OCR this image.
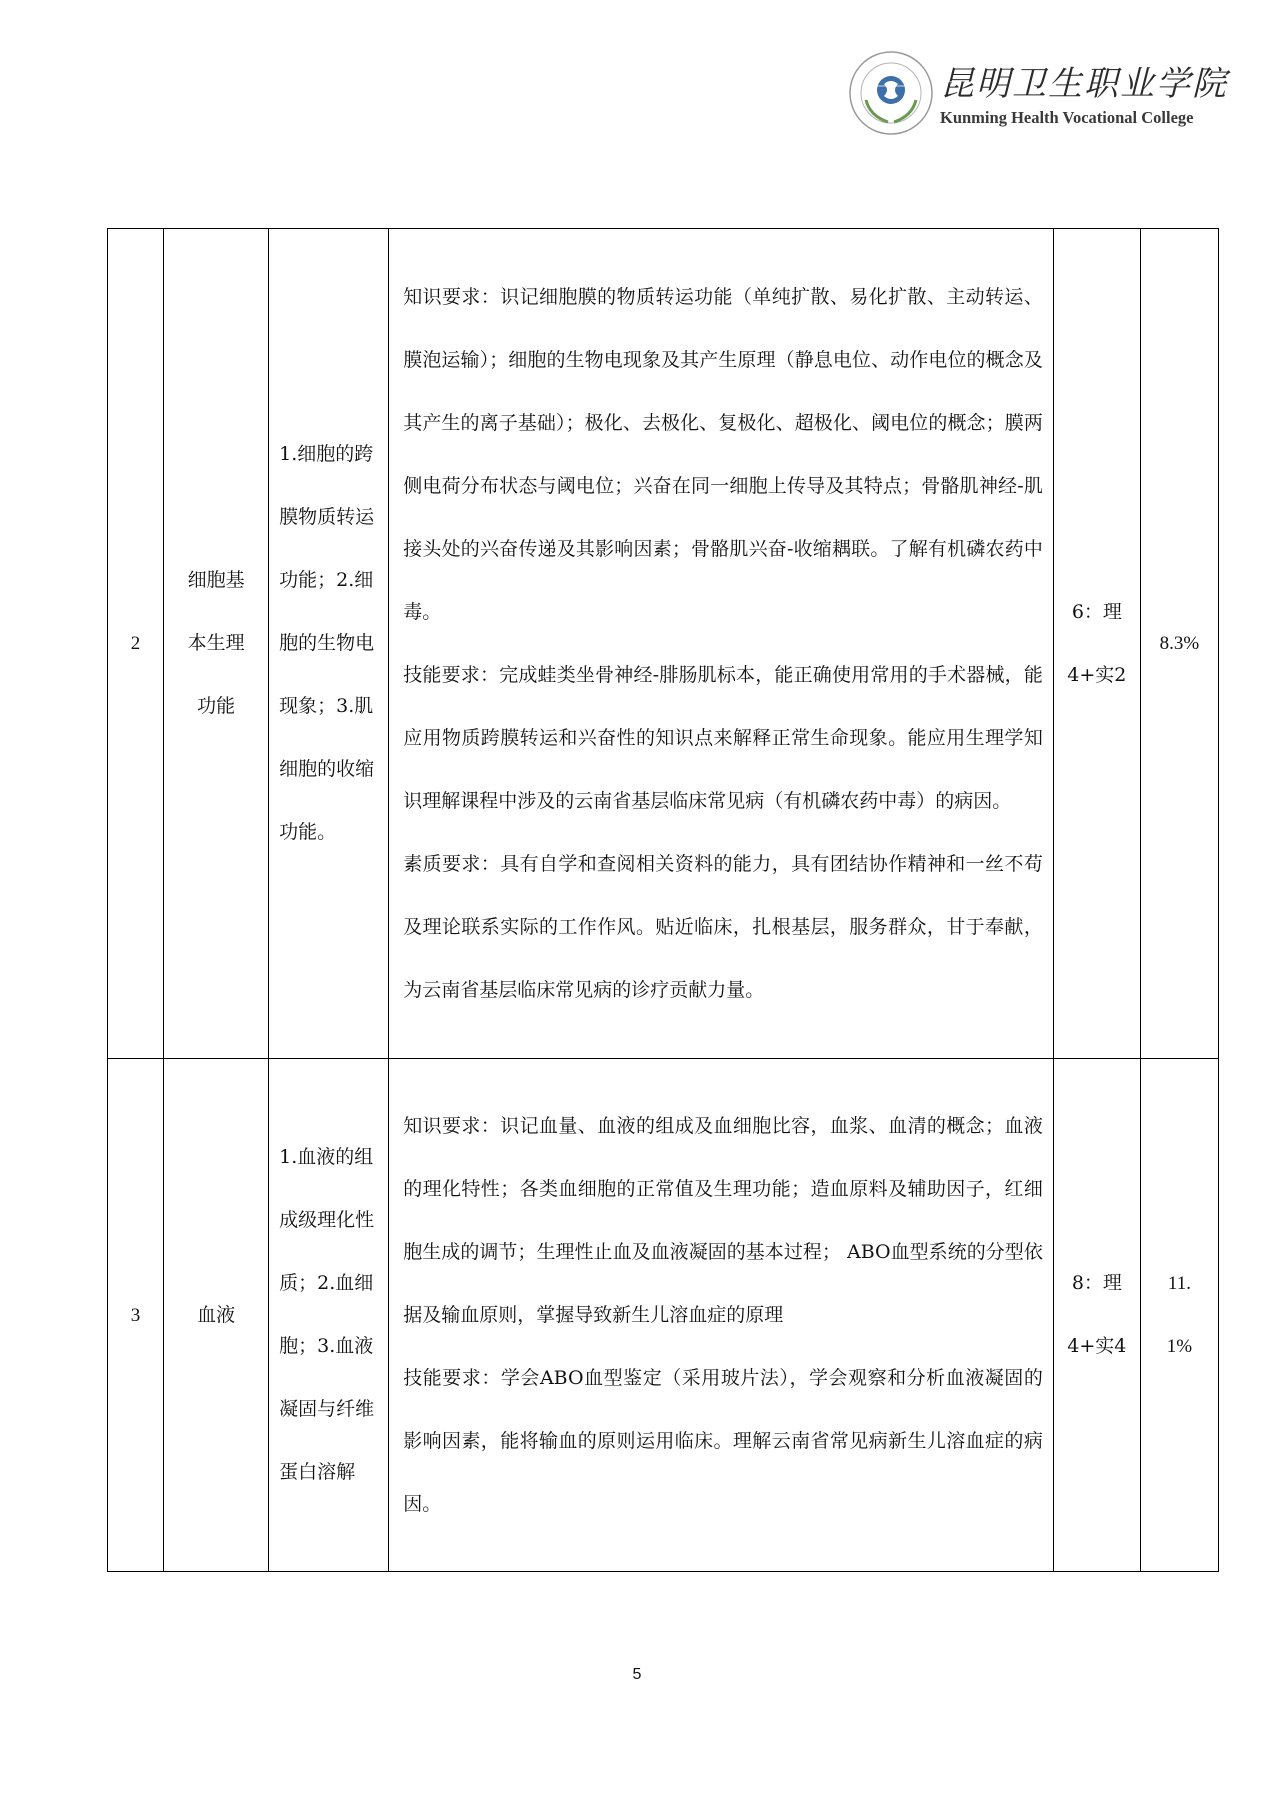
昆明卫生职业学院
Kunming Health Vocational College
2	细胞基本生理功能	1.细胞的跨膜物质转运功能；2.细胞的生物电现象；3.肌细胞的收缩功能。	知识要求：识记细胞膜的物质转运功能（单纯扩散、易化扩散、主动转运、膜泡运输）；细胞的生物电现象及其产生原理（静息电位、动作电位的概念及其产生的离子基础）；极化、去极化、复极化、超极化、阈电位的概念；膜两侧电荷分布状态与阈电位；兴奋在同一细胞上传导及其特点；骨骼肌神经-肌接头处的兴奋传递及其影响因素；骨骼肌兴奋-收缩耦联。了解有机磷农药中毒。
技能要求：完成蛙类坐骨神经-腓肠肌标本，能正确使用常用的手术器械，能应用物质跨膜转运和兴奋性的知识点来解释正常生命现象。能应用生理学知识理解课程中涉及的云南省基层临床常见病（有机磷农药中毒）的病因。
素质要求：具有自学和查阅相关资料的能力，具有团结协作精神和一丝不苟及理论联系实际的工作作风。贴近临床，扎根基层，服务群众，甘于奉献，为云南省基层临床常见病的诊疗贡献力量。	6：理4+实2	8.3%
3	血液	1.血液的组成级理化性质；2.血细胞；3.血液凝固与纤维蛋白溶解	知识要求：识记血量、血液的组成及血细胞比容，血浆、血清的概念；血液的理化特性；各类血细胞的正常值及生理功能；造血原料及辅助因子，红细胞生成的调节；生理性止血及血液凝固的基本过程； ABO血型系统的分型依据及输血原则，掌握导致新生儿溶血症的原理
技能要求：学会ABO血型鉴定（采用玻片法），学会观察和分析血液凝固的影响因素，能将输血的原则运用临床。理解云南省常见病新生儿溶血症的病因。	8：理4+实4	11.1%
5
